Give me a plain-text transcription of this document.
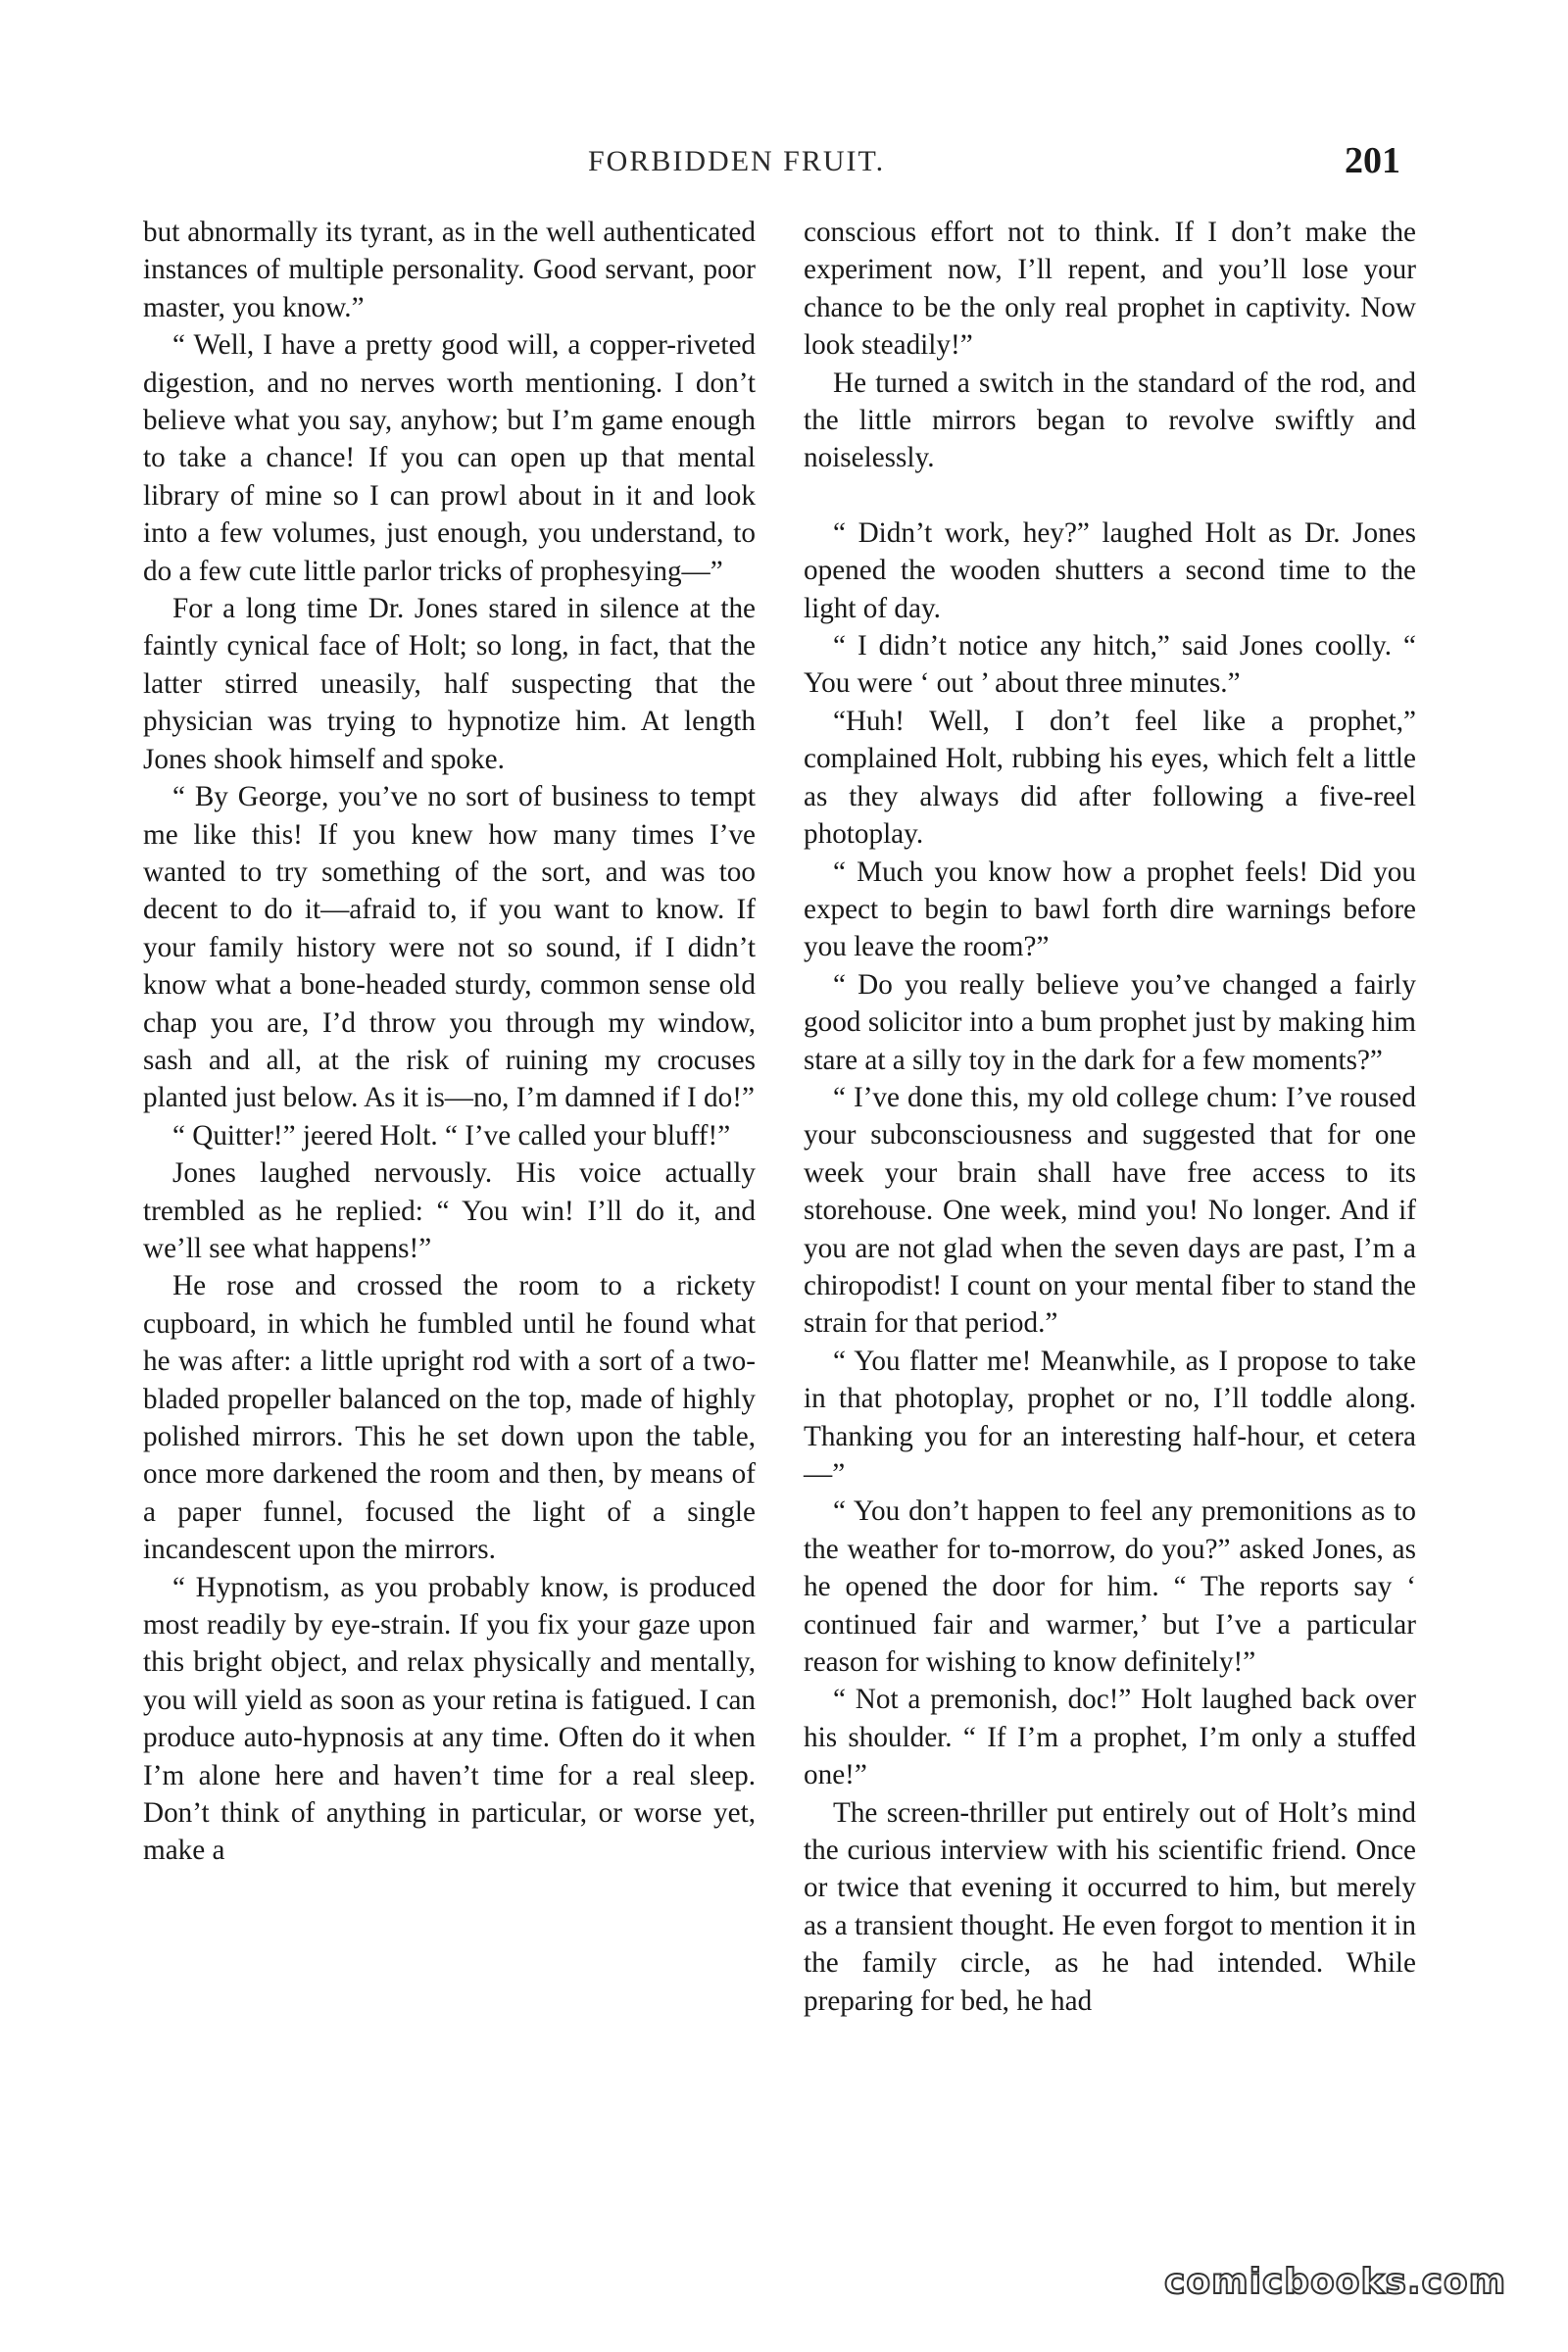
FORBIDDEN FRUIT.	201

but abnormally its tyrant, as in the well authenticated instances of multiple personality. Good servant, poor master, you know.”

“ Well, I have a pretty good will, a copper-riveted digestion, and no nerves worth mentioning. I don’t believe what you say, anyhow; but I’m game enough to take a chance! If you can open up that mental library of mine so I can prowl about in it and look into a few volumes, just enough, you understand, to do a few cute little parlor tricks of prophesying—”

For a long time Dr. Jones stared in silence at the faintly cynical face of Holt; so long, in fact, that the latter stirred uneasily, half suspecting that the physician was trying to hypnotize him. At length Jones shook himself and spoke.

“ By George, you’ve no sort of business to tempt me like this! If you knew how many times I’ve wanted to try something of the sort, and was too decent to do it—afraid to, if you want to know. If your family history were not so sound, if I didn’t know what a bone-headed sturdy, common sense old chap you are, I’d throw you through my window, sash and all, at the risk of ruining my crocuses planted just below. As it is—no, I’m damned if I do!”

“ Quitter!” jeered Holt. “ I’ve called your bluff!”

Jones laughed nervously. His voice actually trembled as he replied: “ You win! I’ll do it, and we’ll see what happens!”

He rose and crossed the room to a rickety cupboard, in which he fumbled until he found what he was after: a little upright rod with a sort of a two-bladed propeller balanced on the top, made of highly polished mirrors. This he set down upon the table, once more darkened the room and then, by means of a paper funnel, focused the light of a single incandescent upon the mirrors.

“ Hypnotism, as you probably know, is produced most readily by eye-strain. If you fix your gaze upon this bright object, and relax physically and mentally, you will yield as soon as your retina is fatigued. I can produce auto-hypnosis at any time. Often do it when I’m alone here and haven’t time for a real sleep. Don’t think of anything in particular, or worse yet, make a

conscious effort not to think. If I don’t make the experiment now, I’ll repent, and you’ll lose your chance to be the only real prophet in captivity. Now look steadily!”

He turned a switch in the standard of the rod, and the little mirrors began to revolve swiftly and noiselessly.

“ Didn’t work, hey?” laughed Holt as Dr. Jones opened the wooden shutters a second time to the light of day.

“ I didn’t notice any hitch,” said Jones coolly. “ You were ‘ out ’ about three minutes.”

“Huh! Well, I don’t feel like a prophet,” complained Holt, rubbing his eyes, which felt a little as they always did after following a five-reel photoplay.

“ Much you know how a prophet feels! Did you expect to begin to bawl forth dire warnings before you leave the room?”

“ Do you really believe you’ve changed a fairly good solicitor into a bum prophet just by making him stare at a silly toy in the dark for a few moments?”

“ I’ve done this, my old college chum: I’ve roused your subconsciousness and suggested that for one week your brain shall have free access to its storehouse. One week, mind you! No longer. And if you are not glad when the seven days are past, I’m a chiropodist! I count on your mental fiber to stand the strain for that period.”

“ You flatter me! Meanwhile, as I propose to take in that photoplay, prophet or no, I’ll toddle along. Thanking you for an interesting half-hour, et cetera—”

“ You don’t happen to feel any premonitions as to the weather for to-morrow, do you?” asked Jones, as he opened the door for him. “ The reports say ‘ continued fair and warmer,’ but I’ve a particular reason for wishing to know definitely!”

“ Not a premonish, doc!” Holt laughed back over his shoulder. “ If I’m a prophet, I’m only a stuffed one!”

The screen-thriller put entirely out of Holt’s mind the curious interview with his scientific friend. Once or twice that evening it occurred to him, but merely as a transient thought. He even forgot to mention it in the family circle, as he had intended. While preparing for bed, he had

comicbooks.com
